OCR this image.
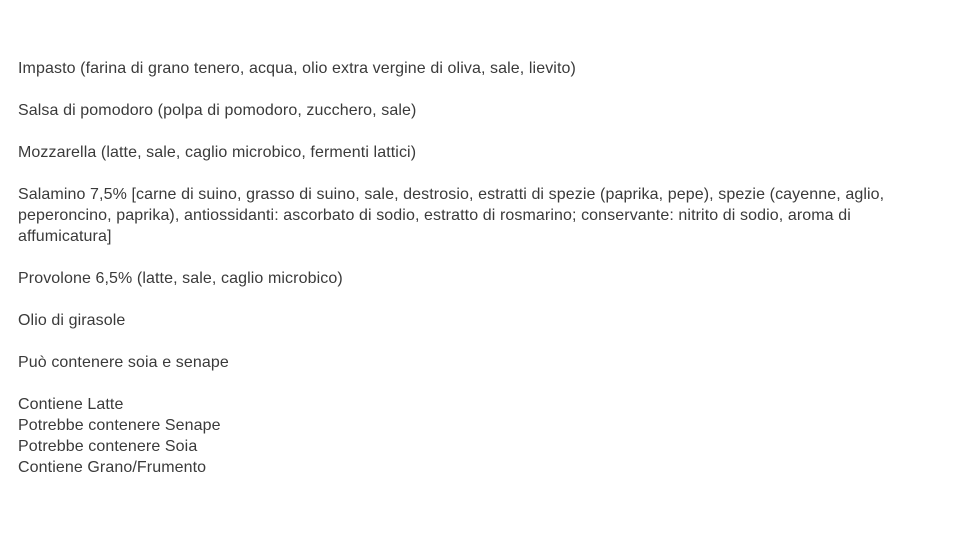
Impasto (farina di grano tenero, acqua, olio extra vergine di oliva, sale, lievito)

Salsa di pomodoro (polpa di pomodoro, zucchero, sale)

Mozzarella (latte, sale, caglio microbico, fermenti lattici)

Salamino 7,5% [carne di suino, grasso di suino, sale, destrosio, estratti di spezie (paprika, pepe), spezie (cayenne, aglio, peperoncino, paprika), antiossidanti: ascorbato di sodio, estratto di rosmarino; conservante: nitrito di sodio, aroma di affumicatura]

Provolone 6,5% (latte, sale, caglio microbico)

Olio di girasole

Può contenere soia e senape

Contiene Latte
Potrebbe contenere Senape
Potrebbe contenere Soia
Contiene Grano/Frumento
